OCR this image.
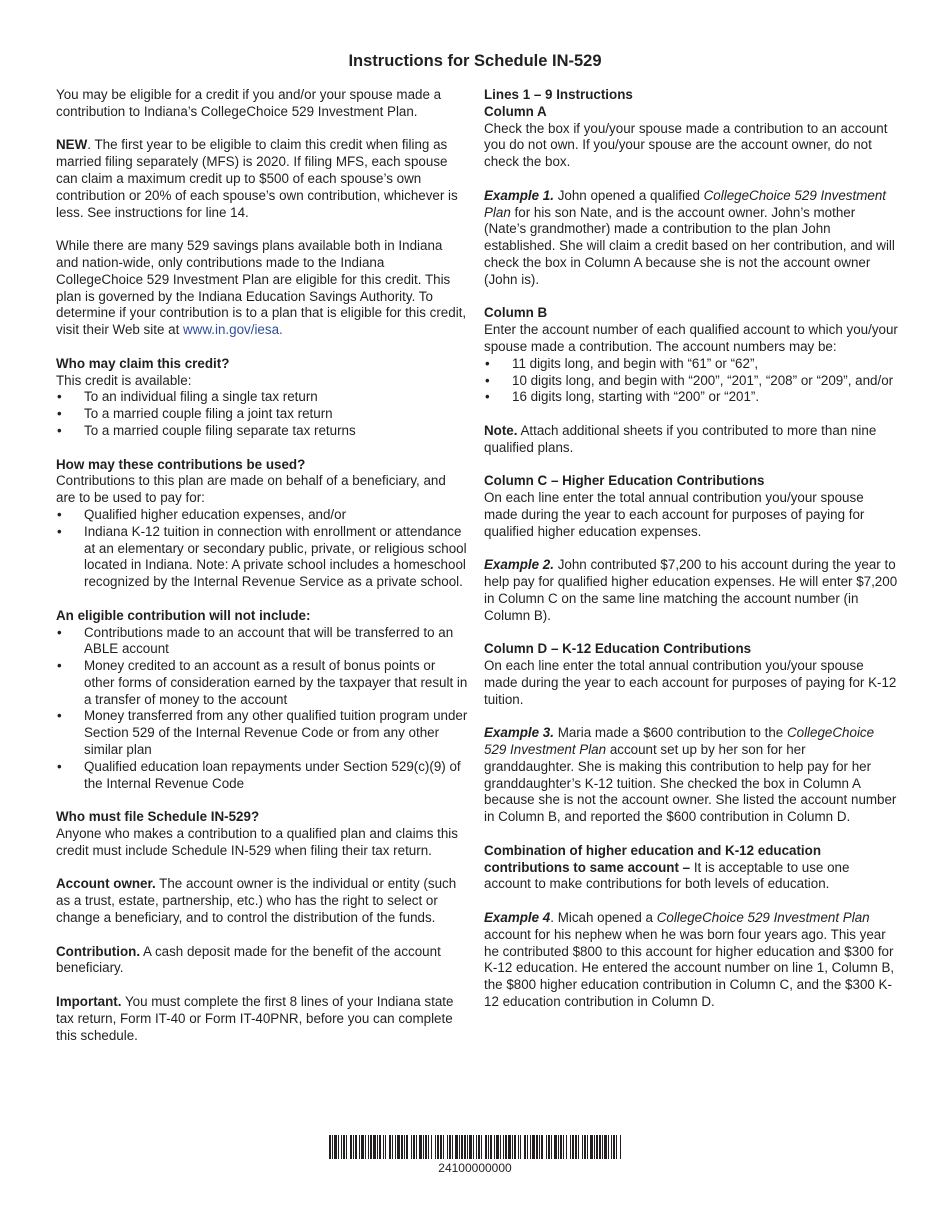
Instructions for Schedule IN-529

You may be eligible for a credit if you and/or your spouse made a contribution to Indiana’s CollegeChoice 529 Investment Plan.

NEW. The first year to be eligible to claim this credit when filing as married filing separately (MFS) is 2020. If filing MFS, each spouse can claim a maximum credit up to $500 of each spouse’s own contribution or 20% of each spouse’s own contribution, whichever is less. See instructions for line 14.

While there are many 529 savings plans available both in Indiana and nation-wide, only contributions made to the Indiana CollegeChoice 529 Investment Plan are eligible for this credit. This plan is governed by the Indiana Education Savings Authority. To determine if your contribution is to a plan that is eligible for this credit, visit their Web site at www.in.gov/iesa.

Who may claim this credit?

This credit is available:

• To an individual filing a single tax return
• To a married couple filing a joint tax return
• To a married couple filing separate tax returns

How may these contributions be used?

Contributions to this plan are made on behalf of a beneficiary, and are to be used to pay for:

• Qualified higher education expenses, and/or
• Indiana K-12 tuition in connection with enrollment or attendance at an elementary or secondary public, private, or religious school located in Indiana. Note: A private school includes a homeschool recognized by the Internal Revenue Service as a private school.

An eligible contribution will not include:

• Contributions made to an account that will be transferred to an ABLE account
• Money credited to an account as a result of bonus points or other forms of consideration earned by the taxpayer that result in a transfer of money to the account
• Money transferred from any other qualified tuition program under Section 529 of the Internal Revenue Code or from any other similar plan
• Qualified education loan repayments under Section 529(c)(9) of the Internal Revenue Code

Who must file Schedule IN-529?

Anyone who makes a contribution to a qualified plan and claims this credit must include Schedule IN-529 when filing their tax return.

Account owner. The account owner is the individual or entity (such as a trust, estate, partnership, etc.) who has the right to select or change a beneficiary, and to control the distribution of the funds.

Contribution. A cash deposit made for the benefit of the account beneficiary.

Important. You must complete the first 8 lines of your Indiana state tax return, Form IT-40 or Form IT-40PNR, before you can complete this schedule.

Lines 1 – 9 Instructions

Column A

Check the box if you/your spouse made a contribution to an account you do not own. If you/your spouse are the account owner, do not check the box.

Example 1. John opened a qualified CollegeChoice 529 Investment Plan for his son Nate, and is the account owner. John’s mother (Nate’s grandmother) made a contribution to the plan John established. She will claim a credit based on her contribution, and will check the box in Column A because she is not the account owner (John is).

Column B

Enter the account number of each qualified account to which you/your spouse made a contribution. The account numbers may be:

• 11 digits long, and begin with “61” or “62”,
• 10 digits long, and begin with “200”, “201”, “208” or “209”, and/or
• 16 digits long, starting with “200” or “201”.

Note. Attach additional sheets if you contributed to more than nine qualified plans.

Column C – Higher Education Contributions

On each line enter the total annual contribution you/your spouse made during the year to each account for purposes of paying for qualified higher education expenses.

Example 2. John contributed $7,200 to his account during the year to help pay for qualified higher education expenses. He will enter $7,200 in Column C on the same line matching the account number (in Column B).

Column D – K-12 Education Contributions

On each line enter the total annual contribution you/your spouse made during the year to each account for purposes of paying for K-12 tuition.

Example 3. Maria made a $600 contribution to the CollegeChoice 529 Investment Plan account set up by her son for her granddaughter. She is making this contribution to help pay for her granddaughter’s K-12 tuition. She checked the box in Column A because she is not the account owner. She listed the account number in Column B, and reported the $600 contribution in Column D.

Combination of higher education and K-12 education contributions to same account – It is acceptable to use one account to make contributions for both levels of education.

Example 4. Micah opened a CollegeChoice 529 Investment Plan account for his nephew when he was born four years ago. This year he contributed $800 to this account for higher education and $300 for K-12 education. He entered the account number on line 1, Column B, the $800 higher education contribution in Column C, and the $300 K-12 education contribution in Column D.

24100000000
